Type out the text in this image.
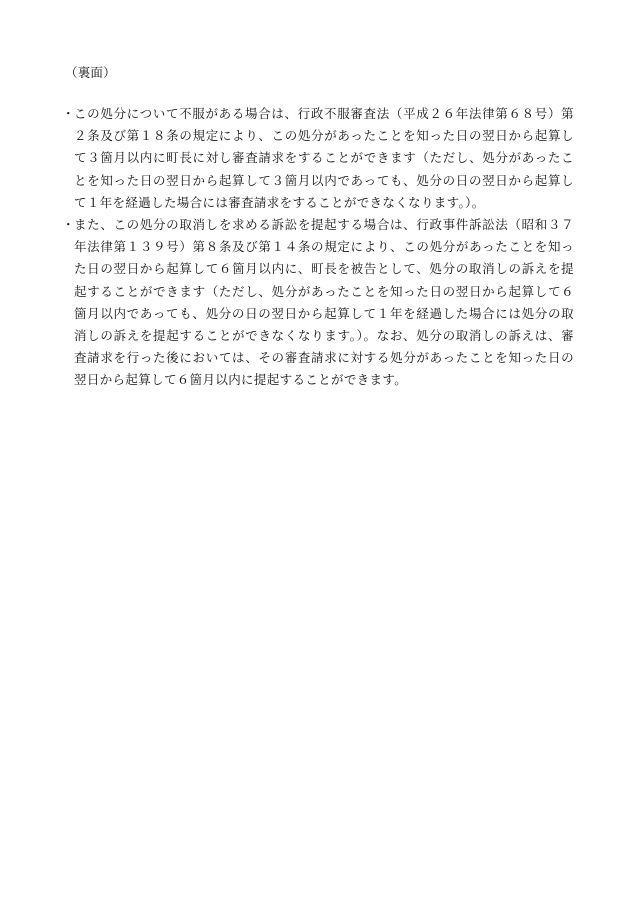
（裏面）

・ この処分について不服がある場合は、行政不服審査法（平成２６年法律第６８号）第２条及び第１８条の規定により、この処分があったことを知った日の翌日から起算して３箇月以内に町長に対し審査請求をすることができます（ただし、処分があったことを知った日の翌日から起算して３箇月以内であっても、処分の日の翌日から起算して１年を経過した場合には審査請求をすることができなくなります。）。
・ また、この処分の取消しを求める訴訟を提起する場合は、行政事件訴訟法（昭和３７年法律第１３９号）第８条及び第１４条の規定により、この処分があったことを知った日の翌日から起算して６箇月以内に、町長を被告として、処分の取消しの訴えを提起することができます（ただし、処分があったことを知った日の翌日から起算して６箇月以内であっても、処分の日の翌日から起算して１年を経過した場合には処分の取消しの訴えを提起することができなくなります。）。なお、処分の取消しの訴えは、審査請求を行った後においては、その審査請求に対する処分があったことを知った日の翌日から起算して６箇月以内に提起することができます。
